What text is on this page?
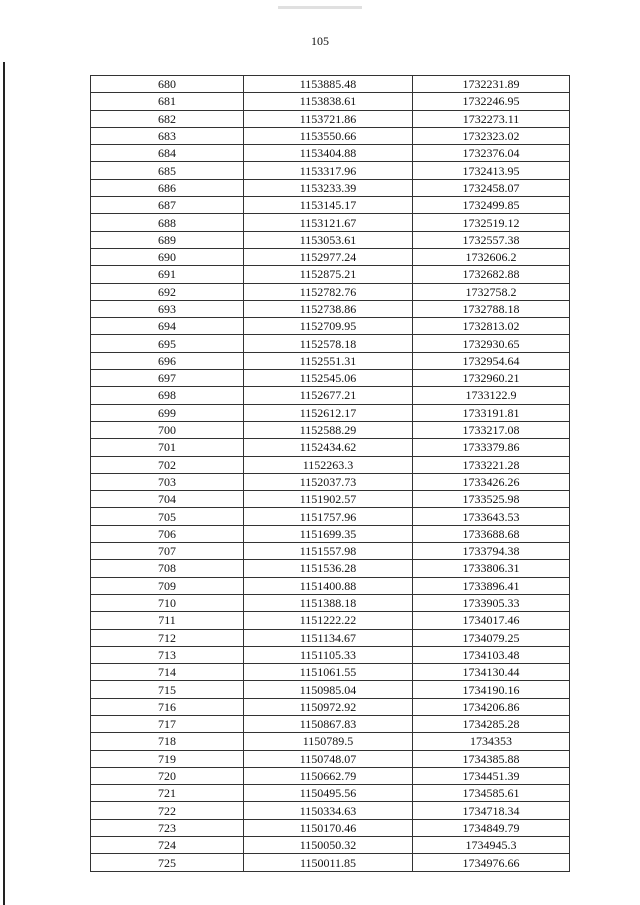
105
680	1153885.48	1732231.89
681	1153838.61	1732246.95
682	1153721.86	1732273.11
683	1153550.66	1732323.02
684	1153404.88	1732376.04
685	1153317.96	1732413.95
686	1153233.39	1732458.07
687	1153145.17	1732499.85
688	1153121.67	1732519.12
689	1153053.61	1732557.38
690	1152977.24	1732606.2
691	1152875.21	1732682.88
692	1152782.76	1732758.2
693	1152738.86	1732788.18
694	1152709.95	1732813.02
695	1152578.18	1732930.65
696	1152551.31	1732954.64
697	1152545.06	1732960.21
698	1152677.21	1733122.9
699	1152612.17	1733191.81
700	1152588.29	1733217.08
701	1152434.62	1733379.86
702	1152263.3	1733221.28
703	1152037.73	1733426.26
704	1151902.57	1733525.98
705	1151757.96	1733643.53
706	1151699.35	1733688.68
707	1151557.98	1733794.38
708	1151536.28	1733806.31
709	1151400.88	1733896.41
710	1151388.18	1733905.33
711	1151222.22	1734017.46
712	1151134.67	1734079.25
713	1151105.33	1734103.48
714	1151061.55	1734130.44
715	1150985.04	1734190.16
716	1150972.92	1734206.86
717	1150867.83	1734285.28
718	1150789.5	1734353
719	1150748.07	1734385.88
720	1150662.79	1734451.39
721	1150495.56	1734585.61
722	1150334.63	1734718.34
723	1150170.46	1734849.79
724	1150050.32	1734945.3
725	1150011.85	1734976.66
